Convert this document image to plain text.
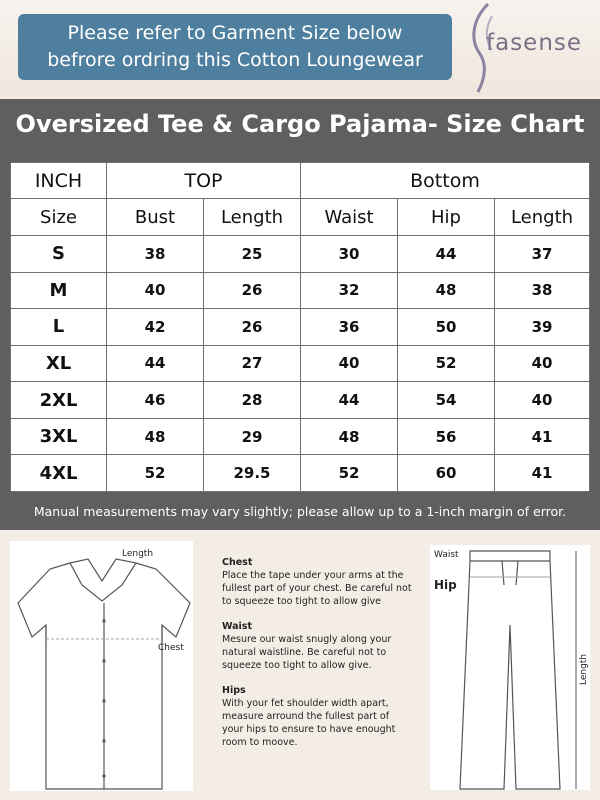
Please refer to Garment Size below
befrore ordring this Cotton Loungewear
fasense
Oversized Tee & Cargo Pajama- Size Chart
INCH	TOP		Bottom		
Size	Bust	Length	Waist	Hip	Length
S	38	25	30	44	37
M	40	26	32	48	38
L	42	26	36	50	39
XL	44	27	40	52	40
2XL	46	28	44	54	40
3XL	48	29	48	56	41
4XL	52	29.5	52	60	41
Manual measurements may vary slightly; please allow up to a 1-inch margin of error.
Length
Chest
Chest
Place the tape under your arms at the fullest part of your chest. Be careful not to squeeze too tight to allow give
Waist
Mesure our waist snugly along your natural waistline. Be careful not to squeeze too tight to allow give.
Hips
With your fet shoulder width apart, measure arround the fullest part of your hips to ensure to have enought room to moove.
Waist
Hip
Length
